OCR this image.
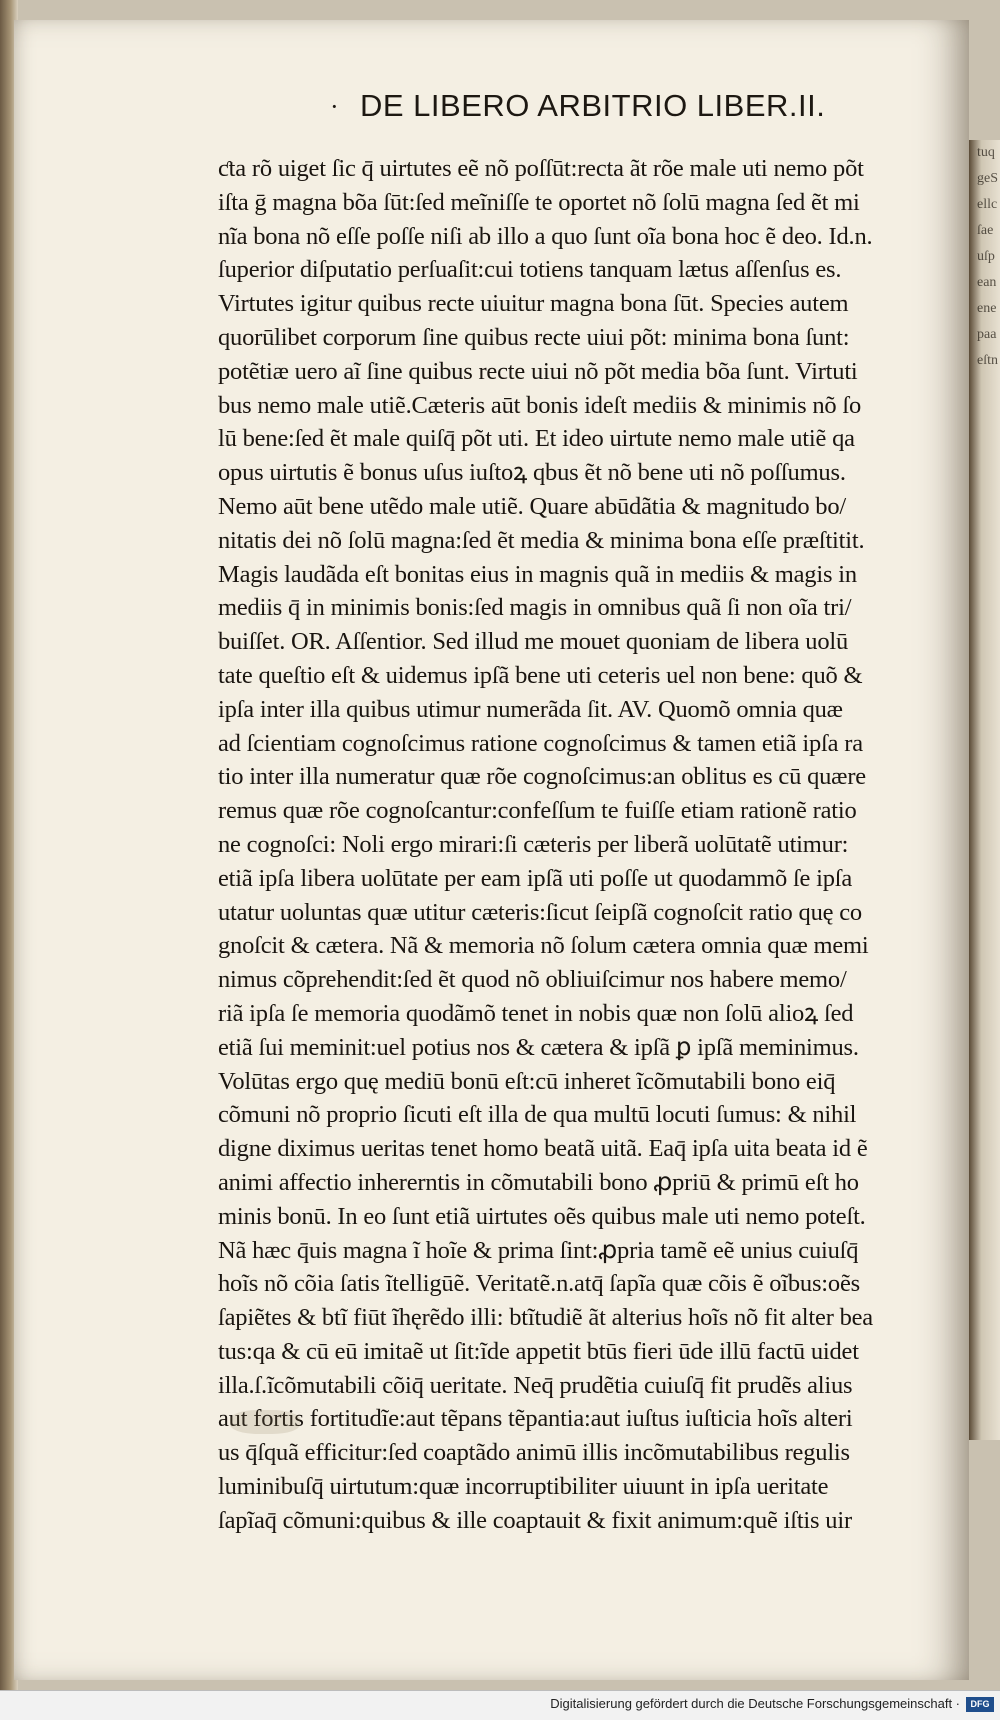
tuqgeSellcſaeuſpeanenepaaeſtn
· DE LIBERO ARBITRIO LIBER.II.
ƈta rõ uiget ſic q̄ uirtutes eẽ nõ poſſūt:recta ãt rõe male uti nemo põt
iſta ḡ magna bõa ſūt:ſed meĩniſſe te oportet nõ ſolū magna ſed ẽt mi
nĩa bona nõ eſſe poſſe niſi ab illo a quo ſunt oĩa bona hoc ẽ deo. Id.n.
ſuperior diſputatio perſuaſit:cui totiens tanquam lætus aſſenſus es.
Virtutes igitur quibus recte uiuitur magna bona ſūt. Species autem
quorūlibet corporum ſine quibus recte uiui põt: minima bona ſunt:
potẽtiæ uero aĩ ſine quibus recte uiui nõ põt media bõa ſunt. Virtuti
bus nemo male utiẽ.Cæteris aūt bonis ideſt mediis & minimis nõ ſo
lū bene:ſed ẽt male quiſq̄ põt uti. Et ideo uirtute nemo male utiẽ qa
opus uirtutis ẽ bonus uſus iuſtoꝝ qbus ẽt nõ bene uti nõ poſſumus.
Nemo aūt bene utẽdo male utiẽ. Quare abūdãtia & magnitudo bo/
nitatis dei nõ ſolū magna:ſed ẽt media & minima bona eſſe præſtitit.
Magis laudãda eſt bonitas eius in magnis quã in mediis & magis in
mediis q̄ in minimis bonis:ſed magis in omnibus quã ſi non oĩa tri/
buiſſet. OR. Aſſentior. Sed illud me mouet quoniam de libera uolū
tate queſtio eſt & uidemus ipſã bene uti ceteris uel non bene: quõ &
ipſa inter illa quibus utimur numerãda ſit. AV. Quomõ omnia quæ
ad ſcientiam cognoſcimus ratione cognoſcimus & tamen etiã ipſa ra
tio inter illa numeratur quæ rõe cognoſcimus:an oblitus es cū quære
remus quæ rõe cognoſcantur:confeſſum te fuiſſe etiam rationẽ ratio
ne cognoſci: Noli ergo mirari:ſi cæteris per liberã uolūtatẽ utimur:
etiã ipſa libera uolūtate per eam ipſã uti poſſe ut quodammõ ſe ipſa
utatur uoluntas quæ utitur cæteris:ſicut ſeipſã cognoſcit ratio quę co
gnoſcit & cætera. Nã & memoria nõ ſolum cætera omnia quæ memi
nimus cõprehendit:ſed ẽt quod nõ obliuiſcimur nos habere memo/
riã ipſa ſe memoria quodãmõ tenet in nobis quæ non ſolū alioꝝ ſed
etiã ſui meminit:uel potius nos & cætera & ipſã ꝑ ipſã meminimus.
Volūtas ergo quę mediū bonū eſt:cū inheret ĩcõmutabili bono eiq̄
cõmuni nõ proprio ſicuti eſt illa de qua multū locuti ſumus: & nihil
digne diximus ueritas tenet homo beatã uitã. Eaq̄ ipſa uita beata id ẽ
animi affectio inhererntis in cõmutabili bono ꝓpriū & primū eſt ho
minis bonū. In eo ſunt etiã uirtutes oẽs quibus male uti nemo poteſt.
Nã hæc q̄uis magna ĩ hoĩe & prima ſint:ꝓpria tamẽ eẽ unius cuiuſq̄
hoĩs nõ cõia ſatis ĩtelligūẽ. Veritatẽ.n.atq̄ ſapĩa quæ cõis ẽ oĩbus:oẽs
ſapiẽtes & btĩ fiūt ĩhęrẽdo illi: btĩtudiẽ ãt alterius hoĩs nõ fit alter bea
tus:qa & cū eū imitaẽ ut ſit:ĩde appetit btūs fieri ūde illū factū uidet
illa.ſ.ĩcõmutabili cõiq̄ ueritate. Neq̄ prudẽtia cuiuſq̄ fit prudẽs alius
aut fortis fortitudĩe:aut tẽpans tẽpantia:aut iuſtus iuſticia hoĩs alteri
us q̄ſquã efficitur:ſed coaptãdo animū illis incõmutabilibus regulis
luminibuſq̄ uirtutum:quæ incorruptibiliter uiuunt in ipſa ueritate
ſapĩaq̄ cõmuni:quibus & ille coaptauit & fixit animum:quẽ iſtis uir
Digitalisierung gefördert durch die Deutsche Forschungsgemeinschaft ·	DFG
